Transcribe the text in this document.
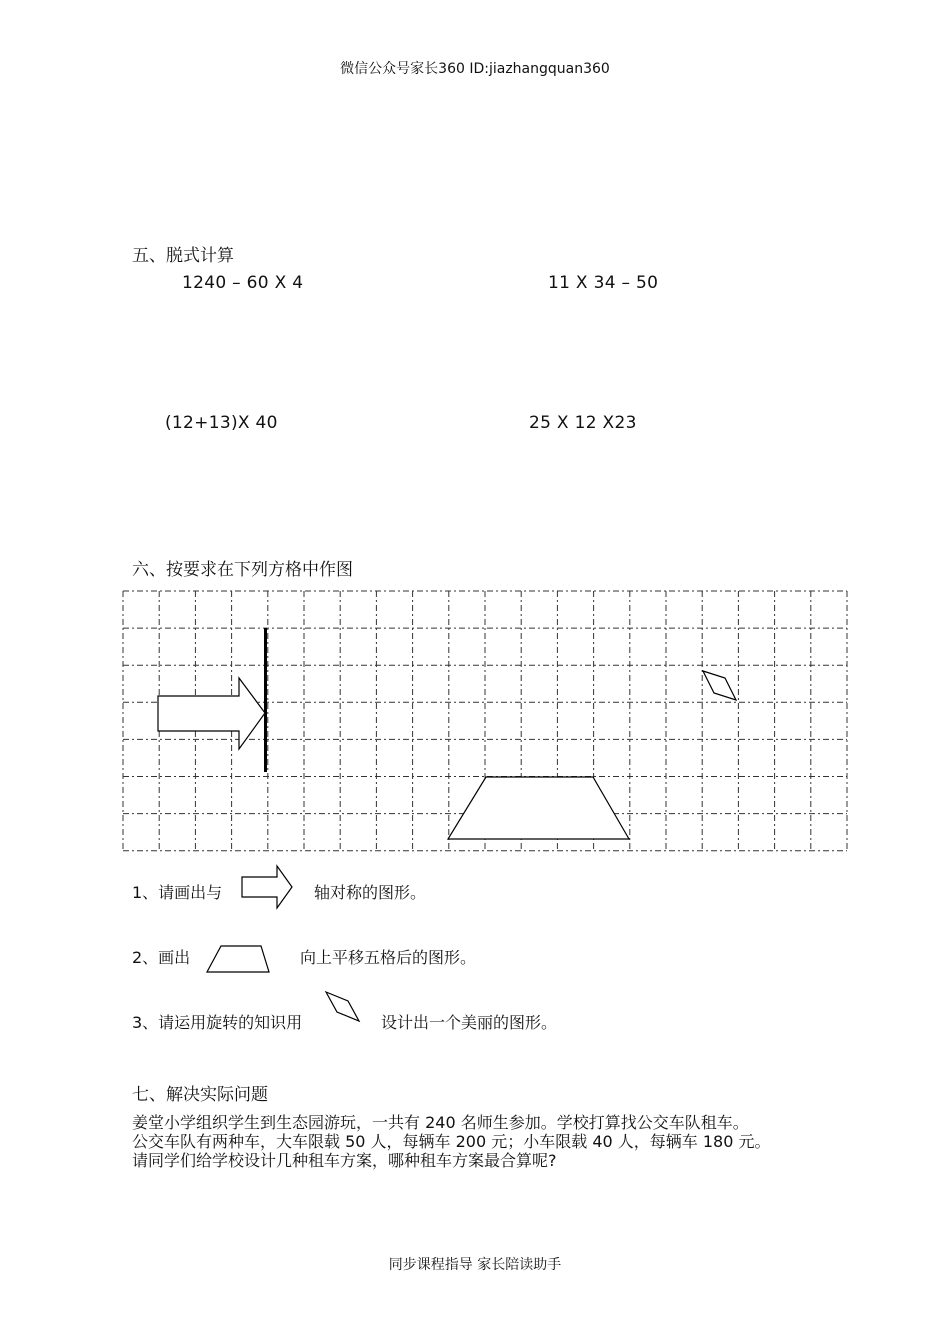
微信公众号家长360 ID:jiazhangquan360
五、脱式计算
1240 – 60 X 4	11 X 34 – 50
(12+13)X 40	25 X 12 X23
六、按要求在下列方格中作图
1、请画出与	轴对称的图形。
2、画出	向上平移五格后的图形。
3、请运用旋转的知识用	设计出一个美丽的图形。
七、解决实际问题
姜堂小学组织学生到生态园游玩，一共有 240 名师生参加。学校打算找公交车队租车。
公交车队有两种车，大车限载 50 人，每辆车 200 元；小车限载 40 人，每辆车 180 元。
请同学们给学校设计几种租车方案，哪种租车方案最合算呢?
同步课程指导 家长陪读助手
